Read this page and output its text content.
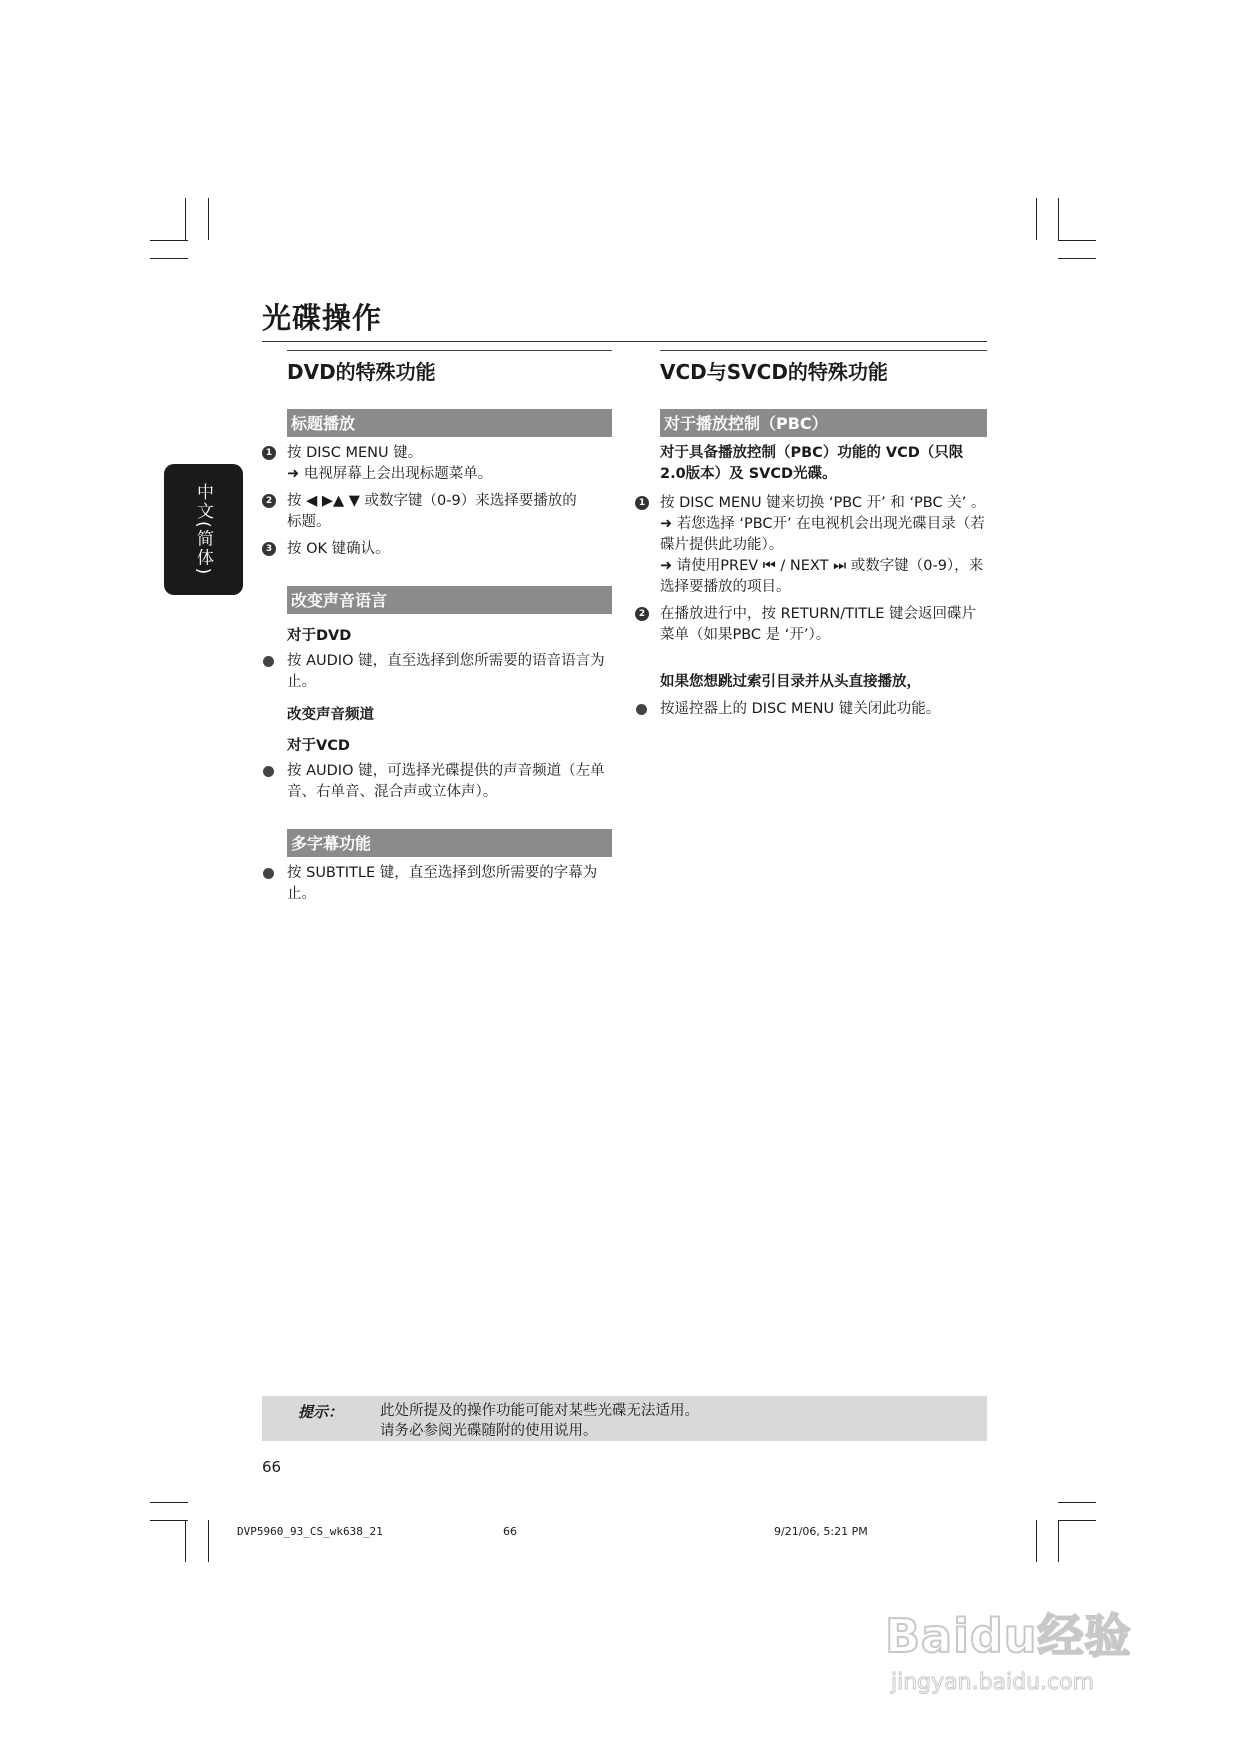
光碟操作
中文(简体)
DVD的特殊功能
标题播放
1 按 DISC MENU 键。
➜ 电视屏幕上会出现标题菜单。
2 按 ◀ ▶▲ ▼ 或数字键（0-9）来选择要播放的
标题。
3 按 OK 键确认。
改变声音语言
对于DVD
按 AUDIO 键，直至选择到您所需要的语音语言为止。
改变声音频道
对于VCD
按 AUDIO 键，可选择光碟提供的声音频道（左单音、右单音、混合声或立体声）。
多字幕功能
按 SUBTITLE 键，直至选择到您所需要的字幕为止。
VCD与SVCD的特殊功能
对于播放控制（PBC）
对于具备播放控制（PBC）功能的 VCD（只限2.0版本）及 SVCD光碟。
1 按 DISC MENU 键来切换 ‘PBC 开’ 和 ‘PBC 关’ 。
➜ 若您选择 ‘PBC开’ 在电视机会出现光碟目录（若碟片提供此功能）。
➜ 请使用PREV ⏮ / NEXT ⏭ 或数字键（0-9），来选择要播放的项目。
2 在播放进行中，按 RETURN/TITLE 键会返回碟片菜单（如果PBC 是 ‘开’）。
如果您想跳过索引目录并从头直接播放，
按遥控器上的 DISC MENU 键关闭此功能。
提示：	此处所提及的操作功能可能对某些光碟无法适用。
请务必参阅光碟随附的使用说用。
66
DVP5960_93_CS_wk638_21	66	9/21/06, 5:21 PM
Baidu经验
jingyan.baidu.com
